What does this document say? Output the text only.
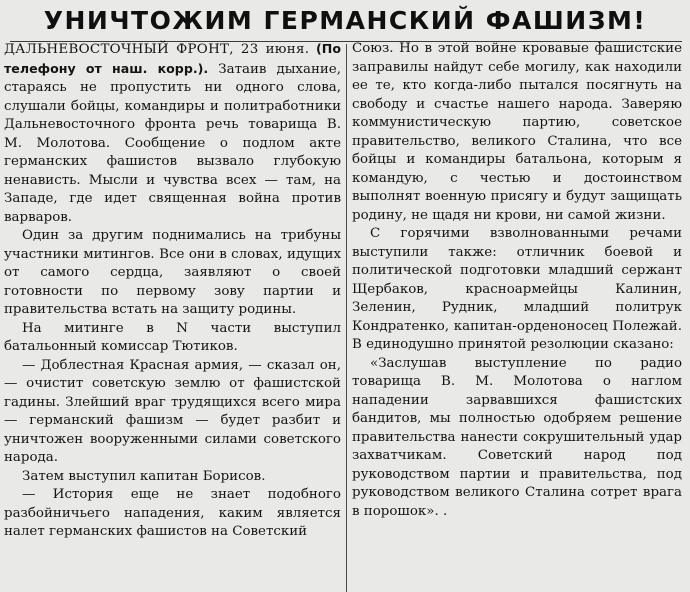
УНИЧТОЖИМ ГЕРМАНСКИЙ ФАШИЗМ!

ДАЛЬНЕВОСТОЧНЫЙ ФРОНТ, 23 июня. (По телефону от наш. корр.). Затаив дыхание, стараясь не пропустить ни одного слова, слушали бойцы, командиры и политработники Дальневосточного фронта речь товарища В. М. Молотова. Сообщение о подлом акте германских фашистов вызвало глубокую ненависть. Мысли и чувства всех — там, на Западе, где идет священная война против варваров.

Один за другим поднимались на трибуны участники митингов. Все они в словах, идущих от самого сердца, заявляют о своей готовности по первому зову партии и правительства встать на защиту родины.

На митинге в N части выступил батальонный комиссар Тютиков.

— Доблестная Красная армия, — сказал он, — очистит советскую землю от фашистской гадины. Злейший враг трудящихся всего мира — германский фашизм — будет разбит и уничтожен вооруженными силами советского народа.

Затем выступил капитан Борисов.

— История еще не знает подобного разбойничьего нападения, каким является налет германских фашистов на Советский

Союз. Но в этой войне кровавые фашистские заправилы найдут себе могилу, как находили ее те, кто когда-либо пытался посягнуть на свободу и счастье нашего народа. Заверяю коммунистическую партию, советское правительство, великого Сталина, что все бойцы и командиры батальона, которым я командую, с честью и достоинством выполнят военную присягу и будут защищать родину, не щадя ни крови, ни самой жизни.

С горячими взволнованными речами выступили также: отличник боевой и политической подготовки младший сержант Щербаков, красноармейцы Калинин, Зеленин, Рудник, младший политрук Кондратенко, капитан-орденоносец Полежай. В единодушно принятой резолюции сказано:

«Заслушав выступление по радио товарища В. М. Молотова о наглом нападении зарвавшихся фашистских бандитов, мы полностью одобряем решение правительства нанести сокрушительный удар захватчикам. Советский народ под руководством партии и правительства, под руководством великого Сталина сотрет врага в порошок». .
